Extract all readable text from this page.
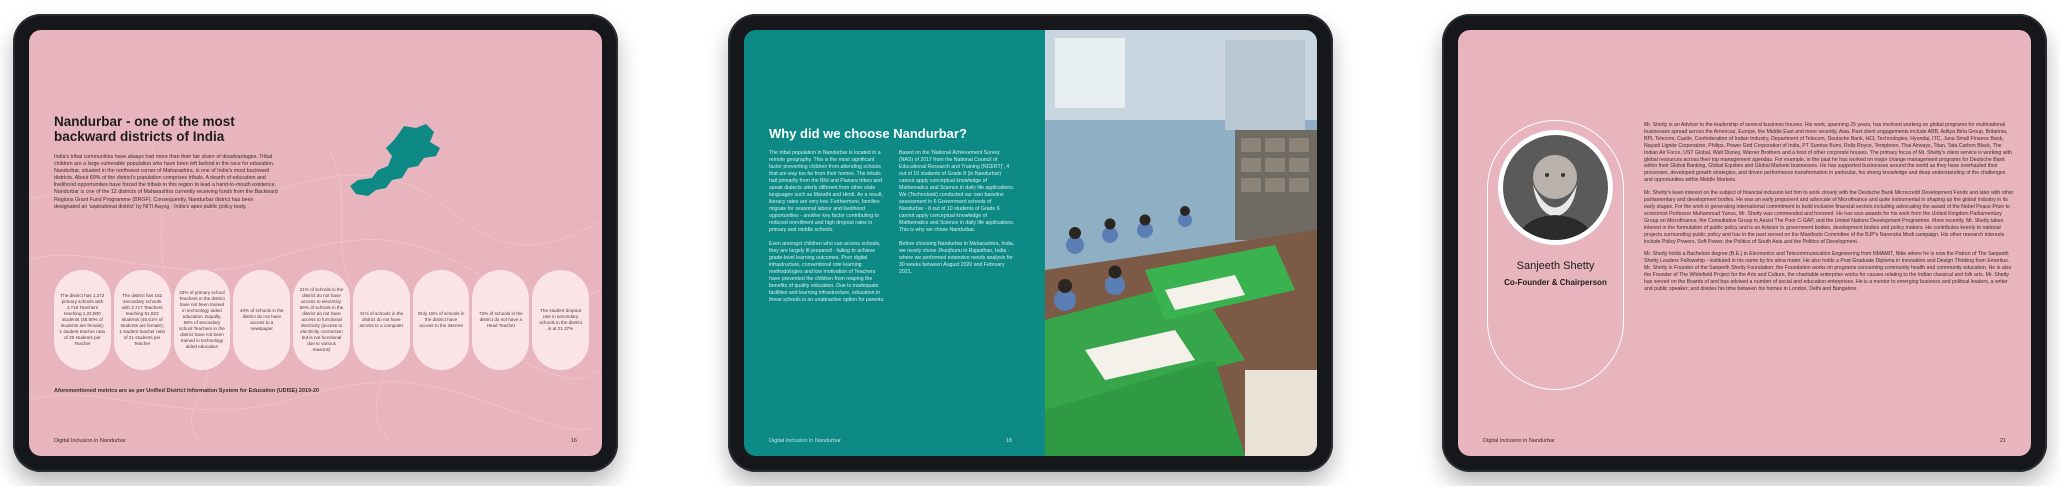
Nandurbar - one of the most backward districts of India
India's tribal communities have always had more than their fair share of disadvantages. Tribal children are a large vulnerable population who have been left behind in the race for education. Nandurbar, situated in the northwest corner of Maharashtra, is one of India's most backward districts. About 69% of the district's population comprises tribals. A dearth of education and livelihood opportunities have forced the tribals in this region to lead a hand-to-mouth existence. Nandurbar is one of the 12 districts of Maharashtra currently receiving funds from the Backward Regions Grant Fund Programme (BRGF). Consequently, Nandurbar district has been designated an 'aspirational district' by NITI Aayog - India's apex public policy body.
The district has 1,372 primary schools with 4,716 Teachers teaching 1,22,800 students (48.90% of students are female); 1 student teacher ratio of 25 students per Teacher
The district has 152 secondary schools with 2,717 Teachers teaching 51,923 students (45.61% of students are female); 1 student teacher ratio of 21 students per Teacher
43% of primary school Teachers in the district have not been trained in technology aided education. Equally, 58% of secondary school Teachers in the district have not been trained in technology aided education
40% of schools in the district do not have access to a newspaper
21% of schools in the district do not have access to electricity. 56% of schools in the district do not have access to functional electricity (access to electricity connection but is not functional due to various reasons)
41% of schools in the district do not have access to a computer
Only 18% of schools in the district have access to the internet
72% of schools in the district do not have a Head Teacher
The student dropout rate in secondary schools in the district is at 21.37%
Aforementioned metrics are as per Unified District Information System for Education (UDISE) 2019-20
Digital Inclusion in Nandurbar	16
Why did we choose Nandurbar?

The tribal population in Nandurbar is located in a remote geography. This is the most significant factor preventing children from attending schools that are way too far from their homes. The tribals hail primarily from the Bhil and Pawara tribes and speak dialects utterly different from other state languages such as Marathi and Hindi. As a result, literacy rates are very low. Furthermore, families migrate for seasonal labour and livelihood opportunities - another key factor contributing to reduced enrollment and high dropout rates in primary and middle schools.

Even amongst children who can access schools, they are largely ill-prepared - failing to achieve grade-level learning outcomes. Poor digital infrastructure, conventional rote learning methodologies and low motivation of Teachers have prevented the children from reaping the benefits of quality education. Due to inadequate facilities and learning infrastructure, education in these schools is an unattractive option for parents.

Based on the 'National Achievement Survey (NAS) of 2017 from the National Council of Educational Research and Training (NCERT)', 4 out of 10 students of Grade 8 (in Nandurbar) cannot apply conceptual knowledge of Mathematics and Science in daily life applications. We (Technotask) conducted our own baseline assessment in 6 Government schools of Nandurbar - 8 out of 10 students of Grade 6 cannot apply conceptual knowledge of Mathematics and Science in daily life applications. This is why we chose Nandurbar.

Before choosing Nandurbar in Maharashtra, India, we nearly chose Jhunjhunu in Rajasthan, India - where we performed extensive needs analysis for 30 weeks between August 2020 and February 2021.

Digital Inclusion in Nandurbar	18
Sanjeeth Shetty
Co-Founder & Chairperson

Mr. Shetty is an Advisor to the leadership of several business houses. His work, spanning 25 years, has involved working on global programs for multinational businesses spread across the Americas, Europe, the Middle East and more recently, Asia. Past client engagements include ABB, Aditya Birla Group, Britannia, BPL Telecom, Castle, Confederation of Indian Industry, Department of Telecom, Deutsche Bank, HCL Technologies, Hyundai, ITC, Jana Small Finance Bank, Nayadi Lignite Corporation, Philips, Power Grid Corporation of India, PT Sunrise Bumi, Rolls Royce, Templeton, Thai Airways, Titan, Tata Carbon Black, The Indian Air Force, UST Global, Walt Disney, Warner Brothers and a host of other corporate houses. The primary focus of Mr. Shetty's client service is working with global resources across their top management agendas. For example, in the past he has worked on major change management programs for Deutsche Bank within their Global Banking, Global Equities and Global Markets businesses. He has supported businesses around the world as they have overhauled their processes, developed growth strategies, and driven performance transformation in particular, his strong knowledge and deep understanding of the challenges and opportunities within Middle Markets.

Mr. Shetty's keen interest on the subject of financial inclusion led him to work closely with the Deutsche Bank Microcredit Development Funds and later with other parliamentary and development bodies. He was an early proponent and advocate of Microfinance and quite instrumental in shaping up the global industry in its early stages. For the work in generating international commitment to build inclusive financial sectors including advocating the award of the Nobel Peace Prize to economist Professor Muhammad Yunus, Mr. Shetty was commended and honored. He has won awards for his work from the United Kingdom Parliamentary Group on Microfinance, the Consultative Group to Assist The Poor C-GAP, and the United Nations Development Programme. More recently, Mr. Shetty takes interest in the formulation of public policy and is an Advisor to government bodies, development bodies and policy makers. He contributes keenly to national projects surrounding public policy and has in the past served on the Manifesto Committee of the BJP's Narendra Modi campaign. His other research interests include Policy Powers, Soft Power, the Politics of South Asia and the Politics of Development.

Mr. Shetty holds a Bachelors degree (B.E.) in Electronics and Telecommunication Engineering from NMAMIT, Nitte where he is now the Patron of The Sanjeeth Shetty Leaders Fellowship - instituted in his name by his alma mater. He also holds a Post-Graduate Diploma in Innovation and Design Thinking from Emeritus. Mr. Shetty is Founder of the Sanjeeth Shetty Foundation; the Foundation works on programs concerning community health and community education. He is also the Founder of The Whitefield Project for the Arts and Culture, the charitable enterprise works for causes relating to the Indian classical and folk arts. Mr. Shetty has served on the Boards of and has advised a number of social and education enterprises. He is a mentor to emerging business and political leaders, a writer and public speaker; and divides his time between his homes in London, Delhi and Bangalore.

Digital Inclusion in Nandurbar	21
